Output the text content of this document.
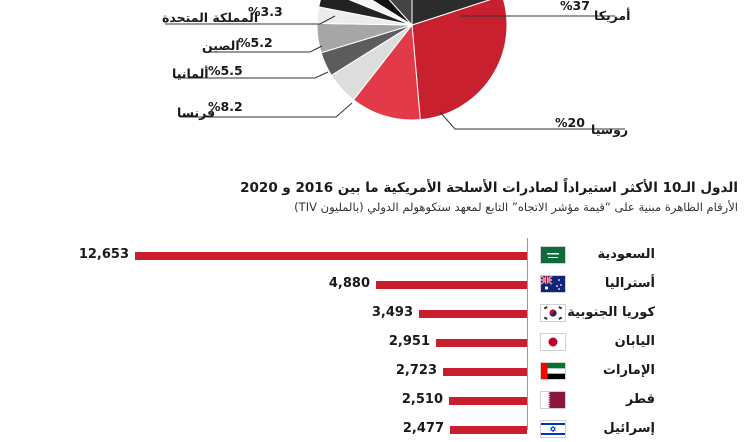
%37
أمريكا
%20 روسيا
%8.2
فرنسا
%5.5
ألمانيا
%5.2
الصين
%3.3
المملكة المتحدة
الدول الـ10 الأكثر استيراداً لصادرات الأسلحة الأمريكية ما بين 2016 و 2020
الأرقام الظاهرة مبنية على “قيمة مؤشر الاتجاه” التابع لمعهد ستكوهولم الدولي (بالمليون TIV)
12,653	السعودية
4,880	أستراليا
3,493	كوريا الجنوبية
2,951	اليابان
2,723	الإمارات
2,510	قطر
2,477	إسرائيل
